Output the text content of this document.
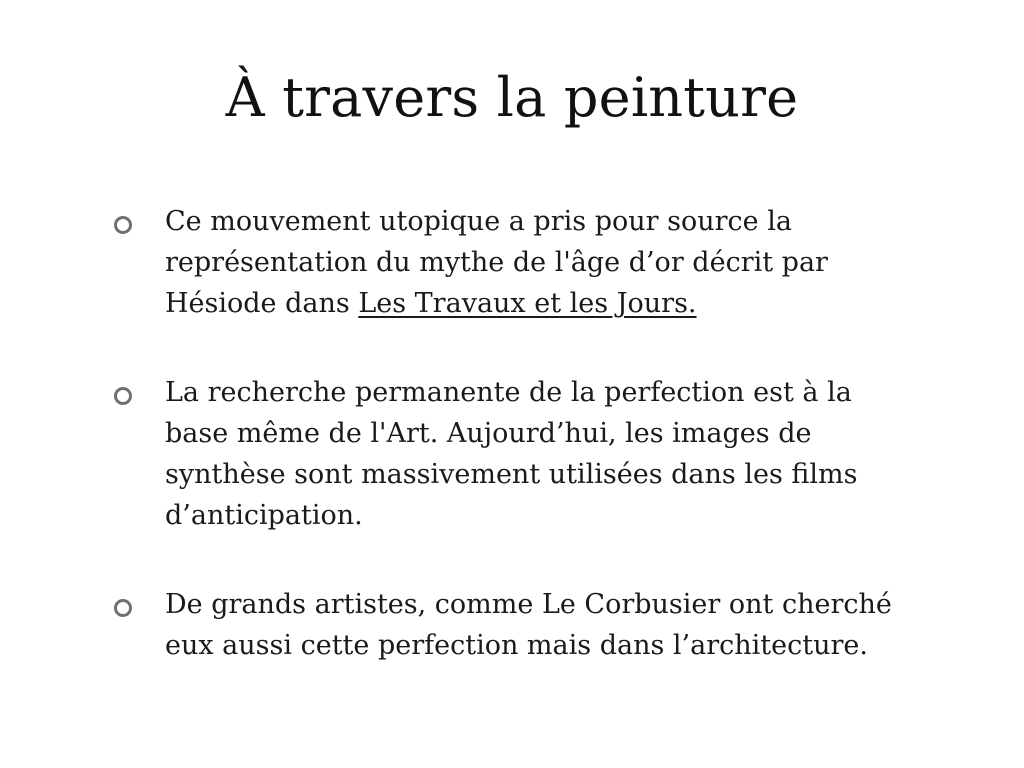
À travers la peinture
Ce mouvement utopique a pris pour source la représentation du mythe de l'âge d’or décrit par Hésiode dans Les Travaux et les Jours.
La recherche permanente de la perfection est à la base même de l'Art. Aujourd’hui, les images de synthèse sont massivement utilisées dans les films d’anticipation.
De grands artistes, comme Le Corbusier ont cherché eux aussi cette perfection mais dans l’architecture.
